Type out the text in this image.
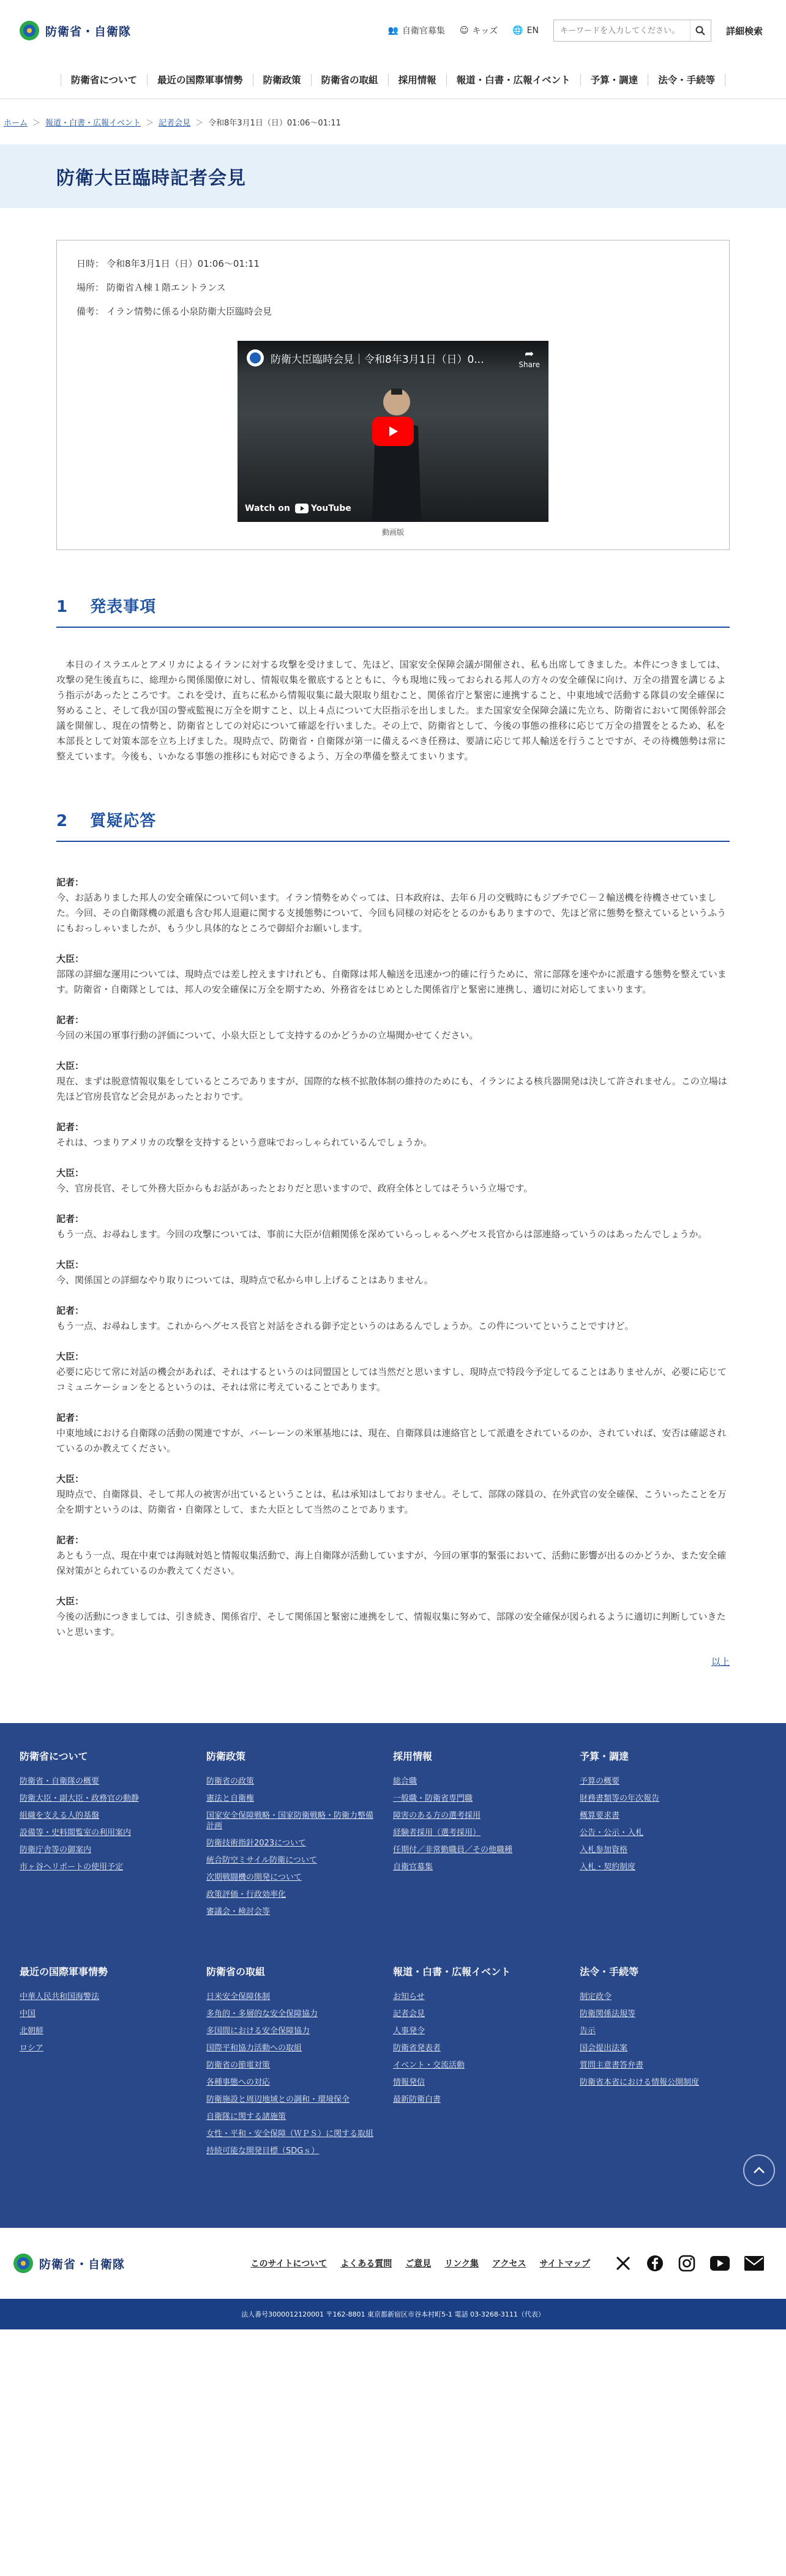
防衛省・自衛隊	👥 自衛官募集 ☺ キッズ 🌐 EN
キーワードを入力してください。	詳細検索
防衛省について	最近の国際軍事情勢	防衛政策	防衛省の取組	採用情報	報道・白書・広報イベント	予算・調達	法令・手続等
ホーム ＞ 報道・白書・広報イベント ＞ 記者会見 ＞ 令和8年3月1日（日）01:06〜01:11
防衛大臣臨時記者会見
日時： 令和8年3月1日（日）01:06〜01:11
場所： 防衛省Ａ棟１階エントランス
備考： イラン情勢に係る小泉防衛大臣臨時会見
防衛大臣臨時会見｜令和8年3月1日（日）0...	➦
Share
Watch on YouTube
動画版
1 発表事項

本日のイスラエルとアメリカによるイランに対する攻撃を受けまして、先ほど、国家安全保障会議が開催され、私も出席してきました。本件につきましては、攻撃の発生後直ちに、総理から関係閣僚に対し、情報収集を徹底するとともに、今も現地に残っておられる邦人の方々の安全確保に向け、万全の措置を講じるよう指示があったところです。これを受け、直ちに私から情報収集に最大限取り組むこと、関係省庁と緊密に連携すること、中東地域で活動する隊員の安全確保に努めること、そして我が国の警戒監視に万全を期すこと、以上４点について大臣指示を出しました。また国家安全保障会議に先立ち、防衛省において関係幹部会議を開催し、現在の情勢と、防衛省としての対応について確認を行いました。その上で、防衛省として、今後の事態の推移に応じて万全の措置をとるため、私を本部長として対策本部を立ち上げました。現時点で、防衛省・自衛隊が第一に備えるべき任務は、要請に応じて邦人輸送を行うことですが、その待機態勢は常に整えています。今後も、いかなる事態の推移にも対応できるよう、万全の準備を整えてまいります。

2 質疑応答
記者：
今、お話ありました邦人の安全確保について伺います。イラン情勢をめぐっては、日本政府は、去年６月の交戦時にもジブチでＣ－２輸送機を待機させていました。今回、その自衛隊機の派遣も含む邦人退避に関する支援態勢について、今回も同様の対応をとるのかもありますので、先ほど常に態勢を整えているというふうにもおっしゃいましたが、もう少し具体的なところで御紹介お願いします。
大臣：
部隊の詳細な運用については、現時点では差し控えますけれども、自衛隊は邦人輸送を迅速かつ的確に行うために、常に部隊を速やかに派遣する態勢を整えています。防衛省・自衛隊としては、邦人の安全確保に万全を期すため、外務省をはじめとした関係省庁と緊密に連携し、適切に対応してまいります。
記者：
今回の米国の軍事行動の評価について、小泉大臣として支持するのかどうかの立場聞かせてください。
大臣：
現在、まずは脱意情報収集をしているところでありますが、国際的な核不拡散体制の維持のためにも、イランによる核兵器開発は決して許されません。この立場は先ほど官房長官など会見があったとおりです。
記者：
それは、つまりアメリカの攻撃を支持するという意味でおっしゃられているんでしょうか。
大臣：
今、官房長官、そして外務大臣からもお話があったとおりだと思いますので、政府全体としてはそういう立場です。
記者：
もう一点、お尋ねします。今回の攻撃については、事前に大臣が信頼関係を深めていらっしゃるヘグセス長官からは部連絡っていうのはあったんでしょうか。
大臣：
今、関係国との詳細なやり取りについては、現時点で私から申し上げることはありません。
記者：
もう一点、お尋ねします。これからヘグセス長官と対話をされる御予定というのはあるんでしょうか。この件についてということですけど。
大臣：
必要に応じて常に対話の機会があれば、それはするというのは同盟国としては当然だと思いますし、現時点で特段今予定してることはありませんが、必要に応じてコミュニケーションをとるというのは、それは常に考えていることであります。
記者：
中東地域における自衛隊の活動の関連ですが、バーレーンの米軍基地には、現在、自衛隊員は連絡官として派遣をされているのか、されていれば、安否は確認されているのか教えてください。
大臣：
現時点で、自衛隊員、そして邦人の被害が出ているということは、私は承知はしておりません。そして、部隊の隊員の、在外武官の安全確保、こういったことを万全を期すというのは、防衛省・自衛隊として、また大臣として当然のことであります。
記者：
あともう一点、現在中東では海賊対処と情報収集活動で、海上自衛隊が活動していますが、今回の軍事的緊張において、活動に影響が出るのかどうか、また安全確保対策がとられているのか教えてください。
大臣：
今後の活動につきましては、引き続き、関係省庁、そして関係国と緊密に連携をして、情報収集に努めて、部隊の安全確保が図られるように適切に判断していきたいと思います。
以上
防衛省について
防衛省・自衛隊の概要
防衛大臣・副大臣・政務官の動静
組織を支える人的基盤
設備等・史料閲覧室の利用案内
防衛庁舎等の御案内
市ヶ谷ヘリポートの使用予定
防衛政策
防衛省の政策
憲法と自衛権
国家安全保障戦略・国家防衛戦略・防衛力整備計画
防衛技術指針2023について
統合防空ミサイル防衛について
次期戦闘機の開発について
政策評価・行政効率化
審議会・検討会等
採用情報
総合職
一般職・防衛省専門職
障害のある方の選考採用
経験者採用（選考採用）
任期付／非常勤職員／その他職種
自衛官募集
予算・調達
予算の概要
財務書類等の年次報告
概算要求書
公告・公示・入札
入札参加資格
入札・契約制度
最近の国際軍事情勢
中華人民共和国海警法
中国
北朝鮮
ロシア
防衛省の取組
日米安全保障体制
多角的・多層的な安全保障協力
多国間における安全保障協力
国際平和協力活動への取組
防衛省の節電対策
各種事態への対応
防衛施設と周辺地域との調和・環境保全
自衛隊に関する諸施策
女性・平和・安全保障（ＷＰＳ）に関する取組
持続可能な開発目標（SDGｓ）
報道・白書・広報イベント
お知らせ
記者会見
人事発令
防衛省発表者
イベント・交流活動
情報発信
最新防衛白書
法令・手続等
制定政令
防衛関係法規等
告示
国会提出法案
質問主意書答弁書
防衛省本省における情報公開制度
防衛省・自衛隊	このサイトについて よくある質問 ご意見 リンク集 アクセス サイトマップ
法人番号3000012120001 〒162-8801 東京都新宿区市谷本村町5-1 電話 03-3268-3111（代表）
